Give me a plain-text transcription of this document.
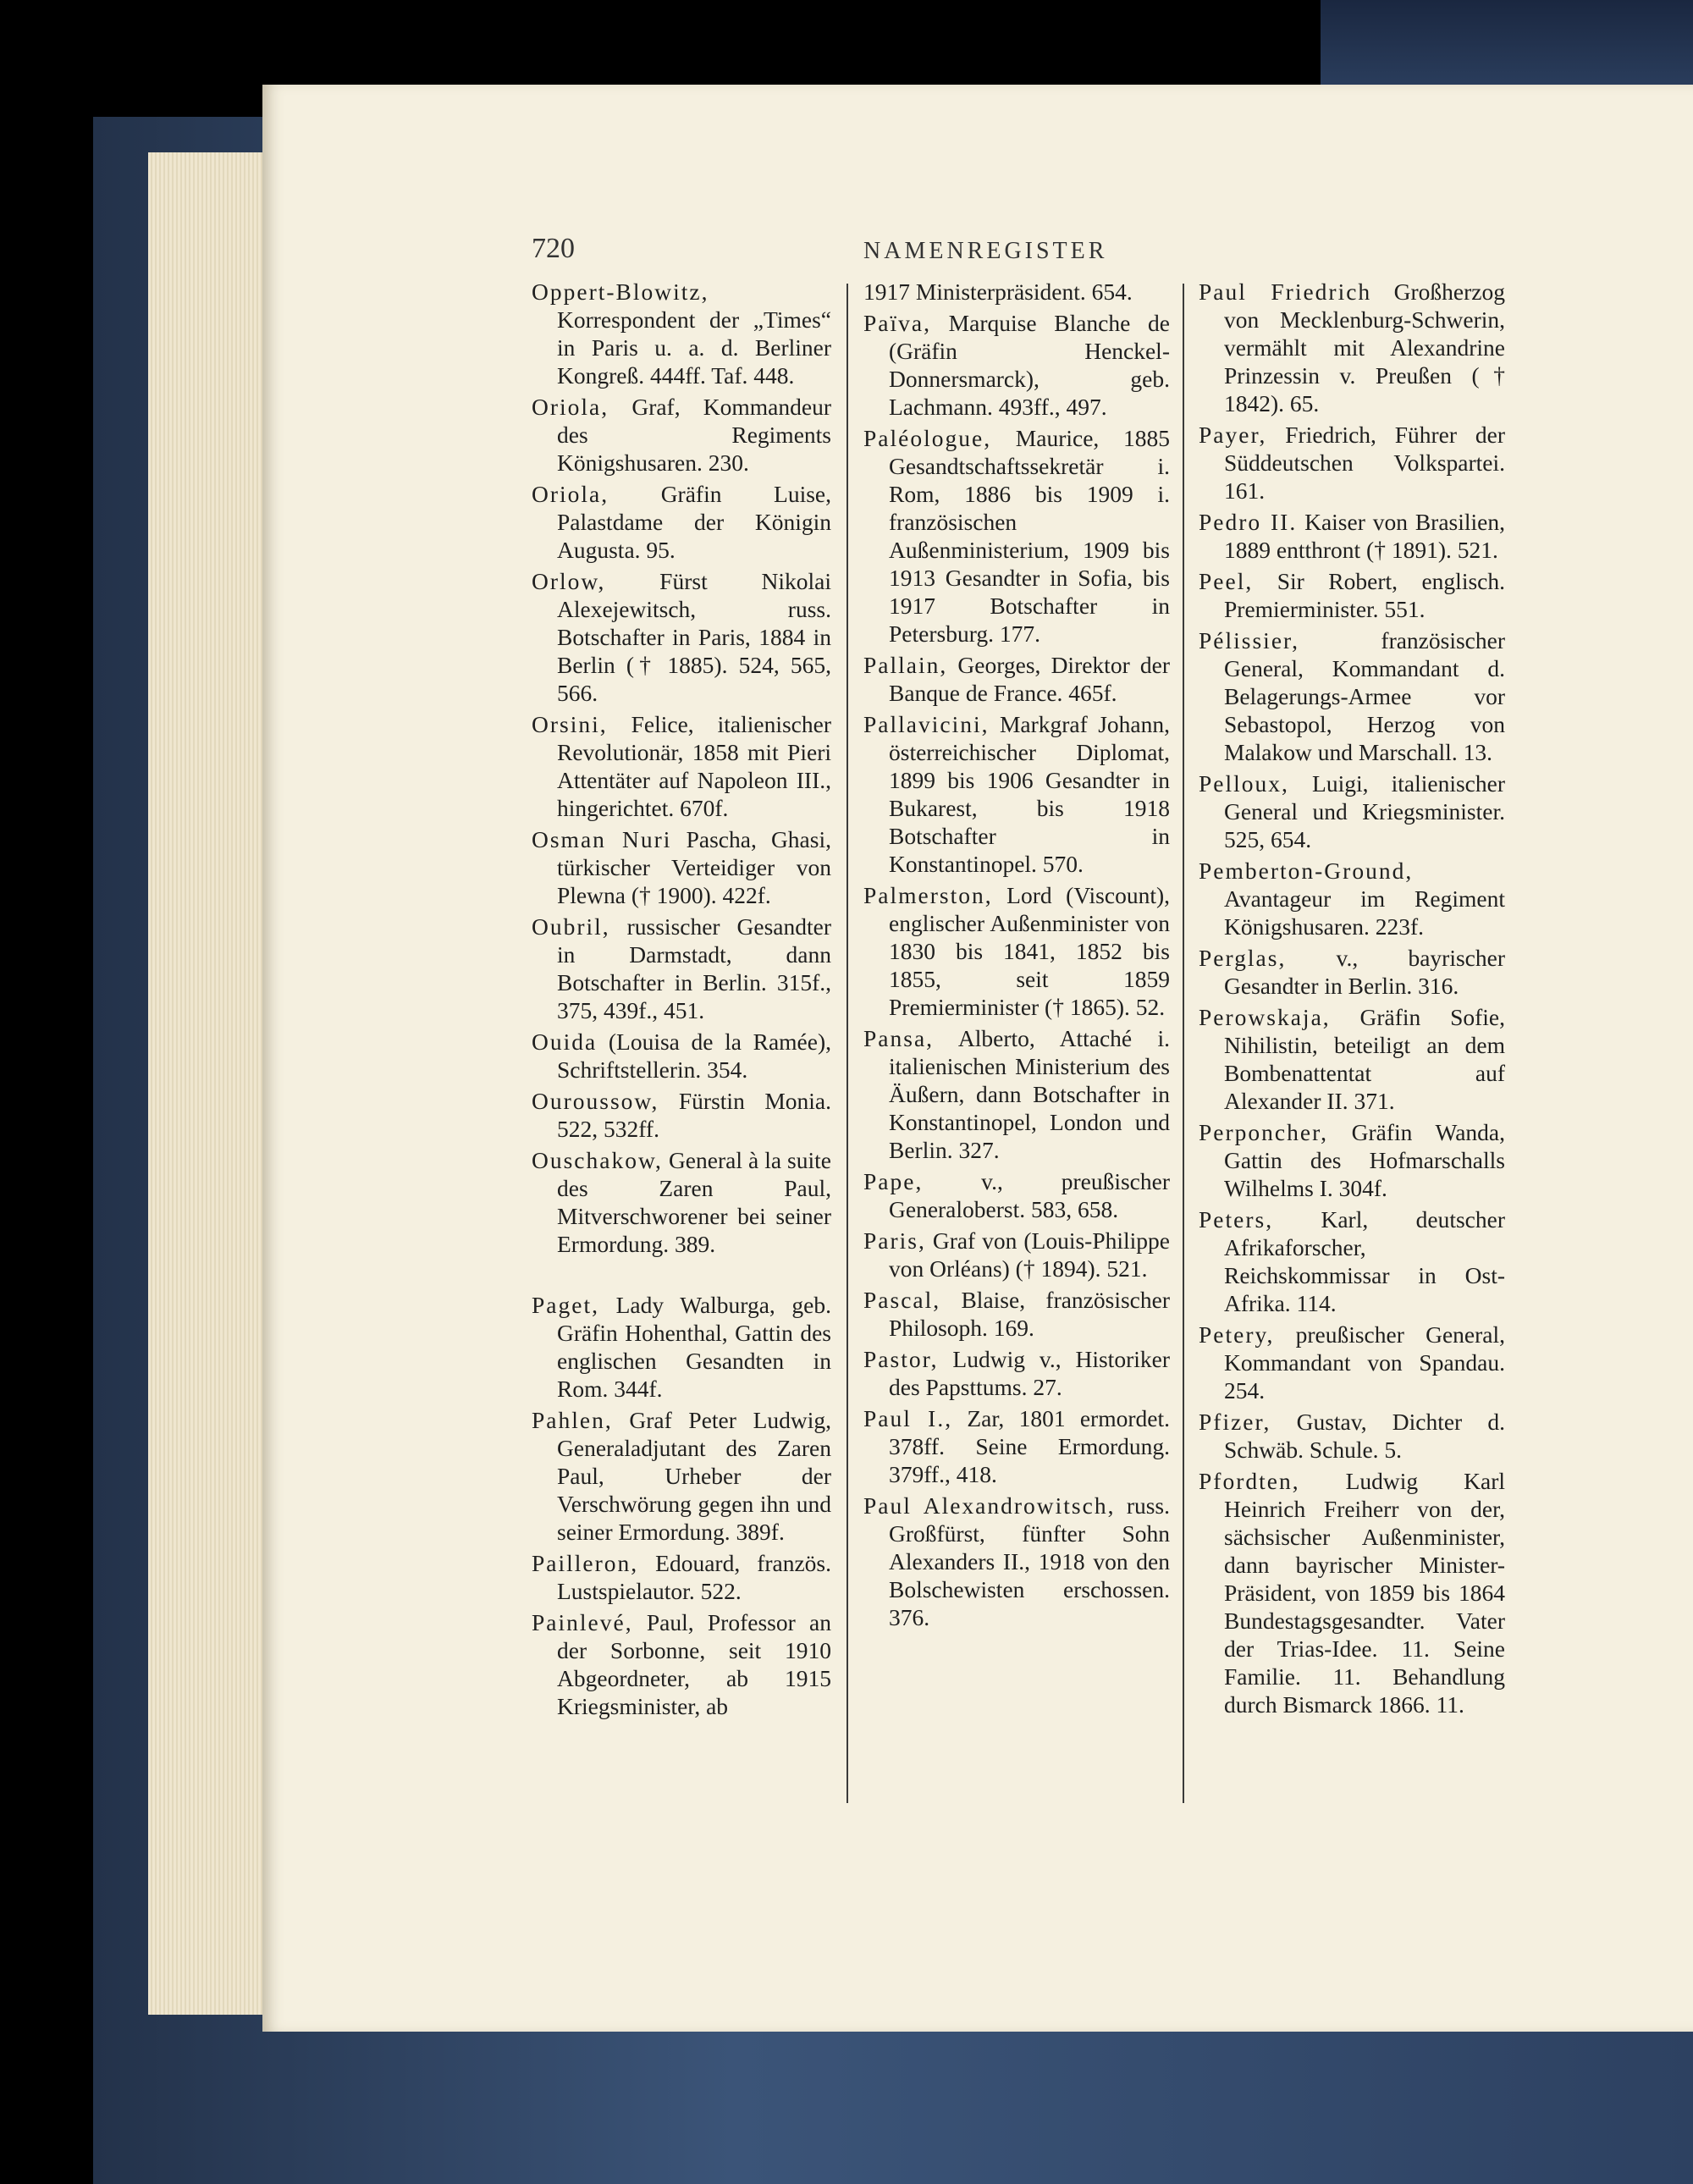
720	NAMENREGISTER
Oppert-Blowitz, Korrespondent der „Times“ in Paris u. a. d. Berliner Kongreß. 444ff. Taf. 448.
Oriola, Graf, Kommandeur des Regiments Königshusaren. 230.
Oriola, Gräfin Luise, Palastdame der Königin Augusta. 95.
Orlow, Fürst Nikolai Alexejewitsch, russ. Botschafter in Paris, 1884 in Berlin († 1885). 524, 565, 566.
Orsini, Felice, italienischer Revolutionär, 1858 mit Pieri Attentäter auf Napoleon III., hingerichtet. 670f.
Osman Nuri Pascha, Ghasi, türkischer Verteidiger von Plewna († 1900). 422f.
Oubril, russischer Gesandter in Darmstadt, dann Botschafter in Berlin. 315f., 375, 439f., 451.
Ouida (Louisa de la Ramée), Schriftstellerin. 354.
Ouroussow, Fürstin Monia. 522, 532ff.
Ouschakow, General à la suite des Zaren Paul, Mitverschworener bei seiner Ermordung. 389.
Paget, Lady Walburga, geb. Gräfin Hohenthal, Gattin des englischen Gesandten in Rom. 344f.
Pahlen, Graf Peter Ludwig, Generaladjutant des Zaren Paul, Urheber der Verschwörung gegen ihn und seiner Ermordung. 389f.
Pailleron, Edouard, französ. Lustspielautor. 522.
Painlevé, Paul, Professor an der Sorbonne, seit 1910 Abgeordneter, ab 1915 Kriegsminister, ab
1917 Ministerpräsident. 654.
Païva, Marquise Blanche de (Gräfin Henckel-Donnersmarck), geb. Lachmann. 493ff., 497.
Paléologue, Maurice, 1885 Gesandtschaftssekretär i. Rom, 1886 bis 1909 i. französischen Außenministerium, 1909 bis 1913 Gesandter in Sofia, bis 1917 Botschafter in Petersburg. 177.
Pallain, Georges, Direktor der Banque de France. 465f.
Pallavicini, Markgraf Johann, österreichischer Diplomat, 1899 bis 1906 Gesandter in Bukarest, bis 1918 Botschafter in Konstantinopel. 570.
Palmerston, Lord (Viscount), englischer Außenminister von 1830 bis 1841, 1852 bis 1855, seit 1859 Premierminister († 1865). 52.
Pansa, Alberto, Attaché i. italienischen Ministerium des Äußern, dann Botschafter in Konstantinopel, London und Berlin. 327.
Pape, v., preußischer Generaloberst. 583, 658.
Paris, Graf von (Louis-Philippe von Orléans) († 1894). 521.
Pascal, Blaise, französischer Philosoph. 169.
Pastor, Ludwig v., Historiker des Papsttums. 27.
Paul I., Zar, 1801 ermordet. 378ff. Seine Ermordung. 379ff., 418.
Paul Alexandrowitsch, russ. Großfürst, fünfter Sohn Alexanders II., 1918 von den Bolschewisten erschossen. 376.
Paul Friedrich Großherzog von Mecklenburg-Schwerin, vermählt mit Alexandrine Prinzessin v. Preußen († 1842). 65.
Payer, Friedrich, Führer der Süddeutschen Volkspartei. 161.
Pedro II. Kaiser von Brasilien, 1889 entthront († 1891). 521.
Peel, Sir Robert, englisch. Premierminister. 551.
Pélissier, französischer General, Kommandant d. Belagerungs-Armee vor Sebastopol, Herzog von Malakow und Marschall. 13.
Pelloux, Luigi, italienischer General und Kriegsminister. 525, 654.
Pemberton-Ground, Avantageur im Regiment Königshusaren. 223f.
Perglas, v., bayrischer Gesandter in Berlin. 316.
Perowskaja, Gräfin Sofie, Nihilistin, beteiligt an dem Bombenattentat auf Alexander II. 371.
Perponcher, Gräfin Wanda, Gattin des Hofmarschalls Wilhelms I. 304f.
Peters, Karl, deutscher Afrikaforscher, Reichskommissar in Ost-Afrika. 114.
Petery, preußischer General, Kommandant von Spandau. 254.
Pfizer, Gustav, Dichter d. Schwäb. Schule. 5.
Pfordten, Ludwig Karl Heinrich Freiherr von der, sächsischer Außenminister, dann bayrischer Minister-Präsident, von 1859 bis 1864 Bundestagsgesandter. Vater der Trias-Idee. 11. Seine Familie. 11. Behandlung durch Bismarck 1866. 11.
